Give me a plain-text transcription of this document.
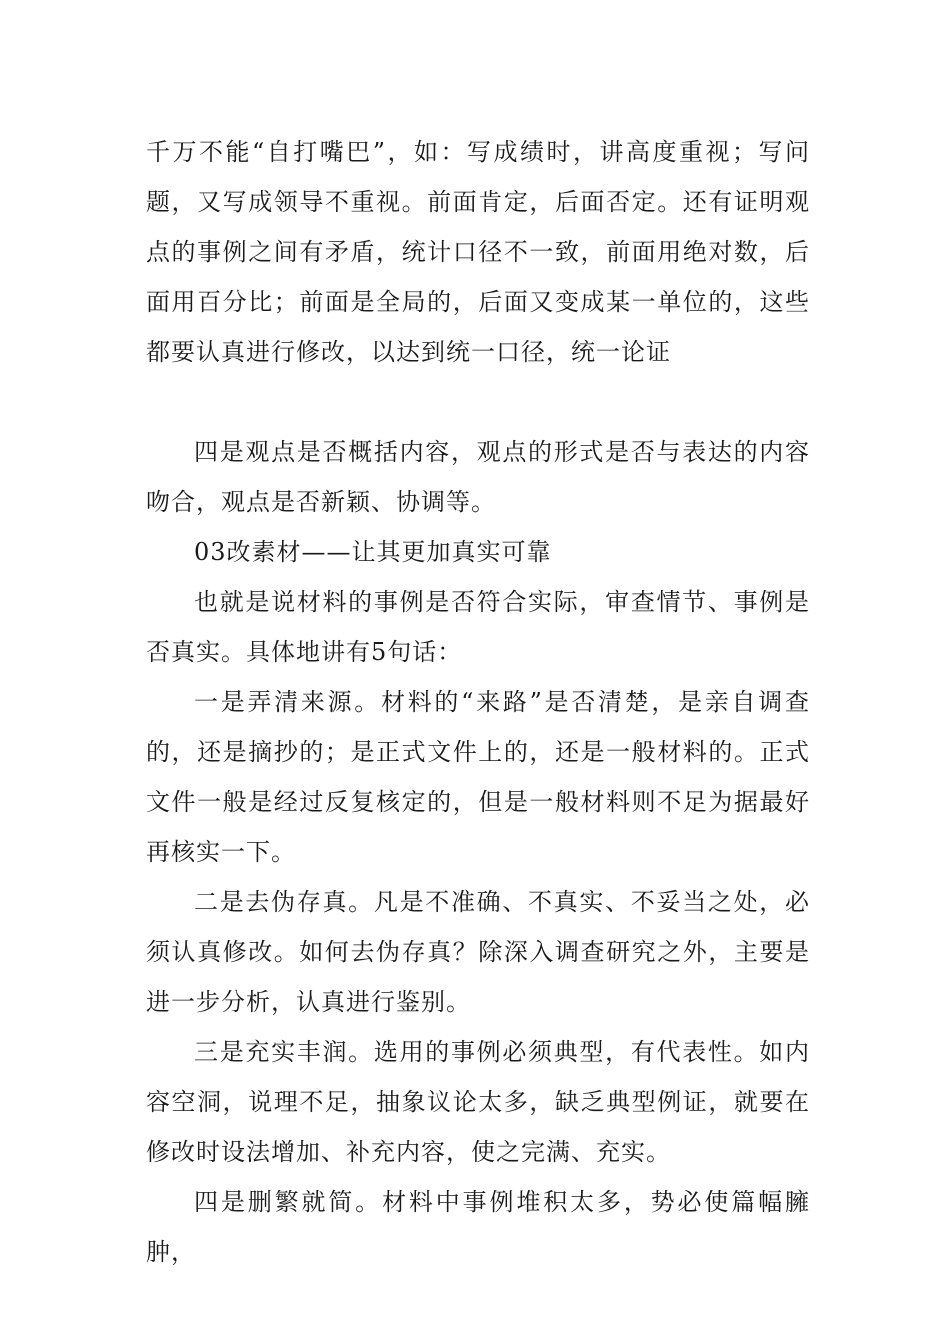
千万不能“自打嘴巴”，如：写成绩时，讲高度重视；写问题，又写成领导不重视。前面肯定，后面否定。还有证明观点的事例之间有矛盾，统计口径不一致，前面用绝对数，后面用百分比；前面是全局的，后面又变成某一单位的，这些都要认真进行修改，以达到统一口径，统一论证

四是观点是否概括内容，观点的形式是否与表达的内容吻合，观点是否新颖、协调等。

03改素材——让其更加真实可靠

也就是说材料的事例是否符合实际，审查情节、事例是否真实。具体地讲有5句话：

一是弄清来源。材料的“来路”是否清楚，是亲自调查的，还是摘抄的；是正式文件上的，还是一般材料的。正式文件一般是经过反复核定的，但是一般材料则不足为据最好再核实一下。

二是去伪存真。凡是不准确、不真实、不妥当之处，必须认真修改。如何去伪存真？除深入调查研究之外，主要是进一步分析，认真进行鉴别。

三是充实丰润。选用的事例必须典型，有代表性。如内容空洞，说理不足，抽象议论太多，缺乏典型例证，就要在修改时设法增加、补充内容，使之完满、充实。

四是删繁就简。材料中事例堆积太多，势必使篇幅臃肿，
